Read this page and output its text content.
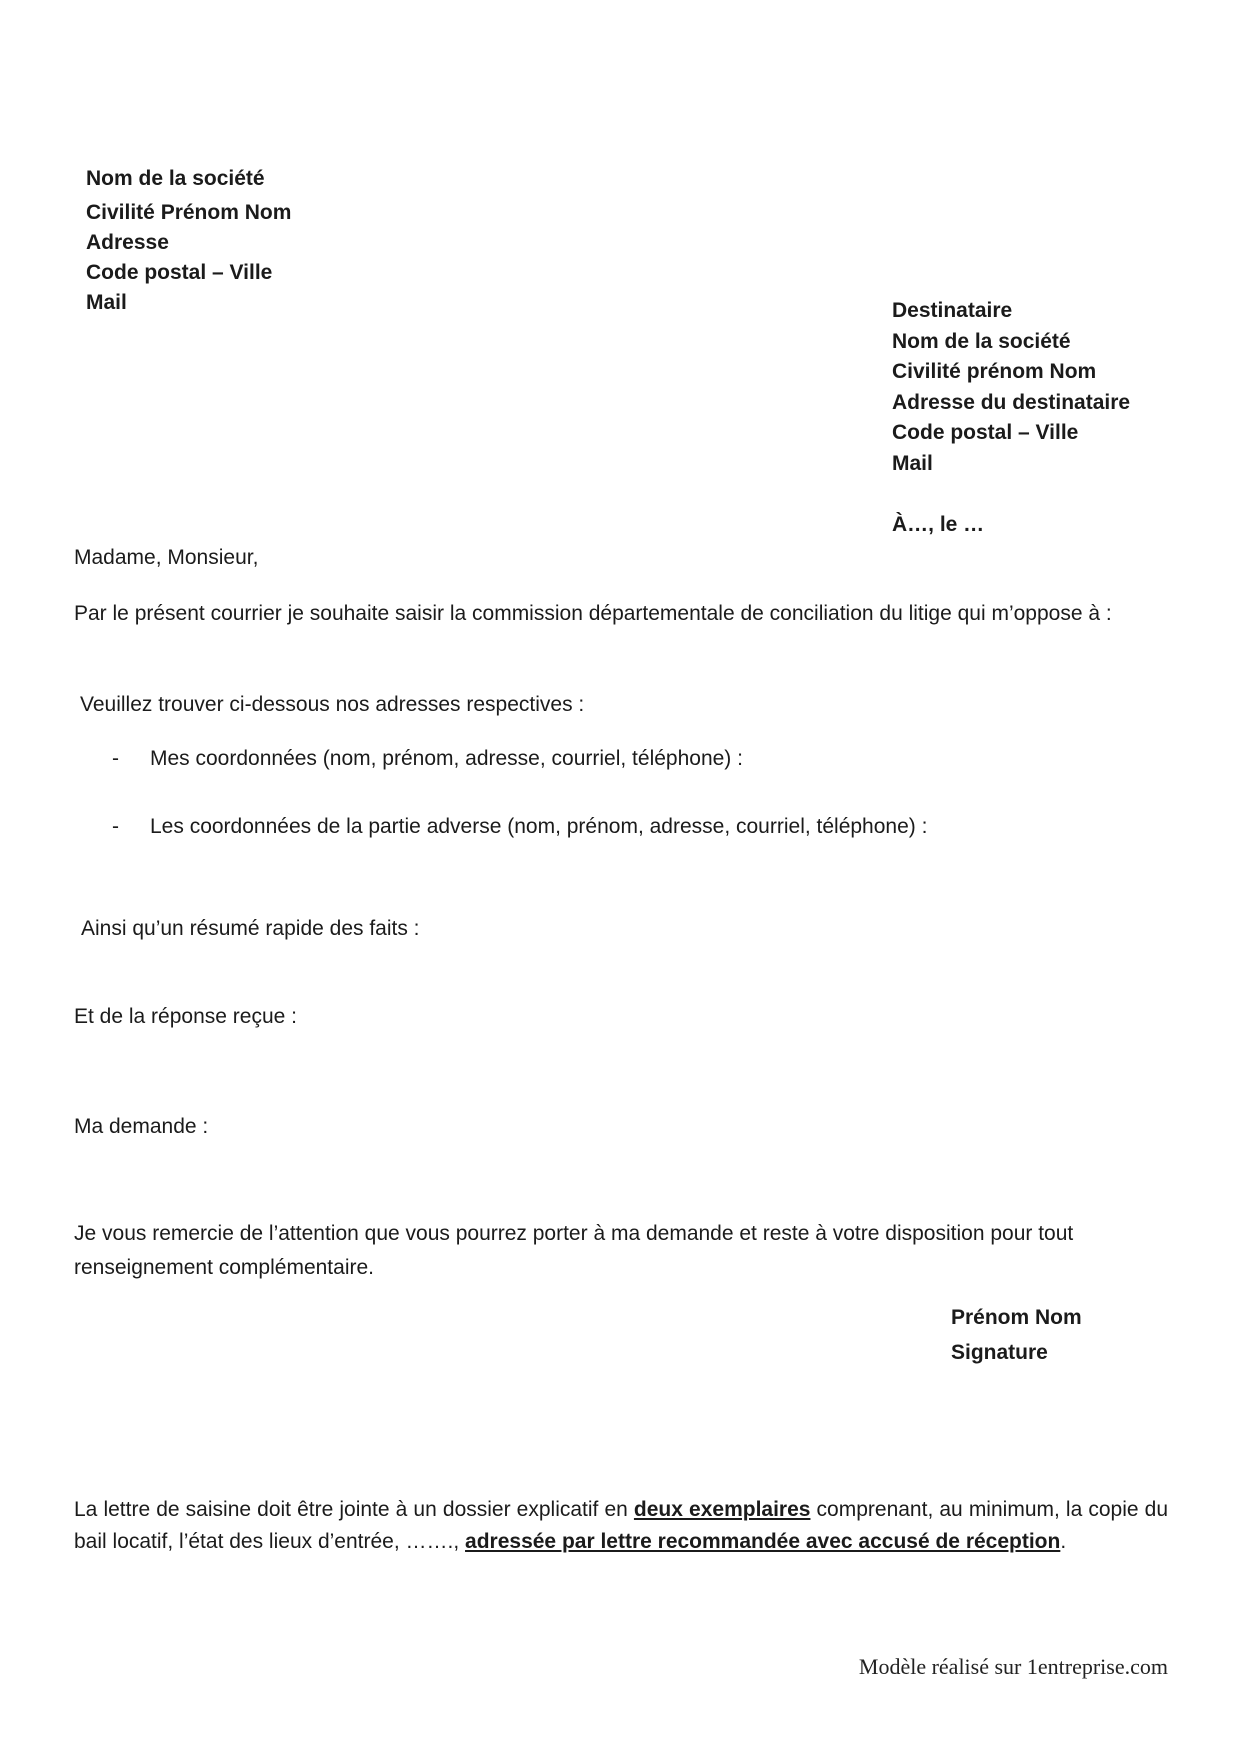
Nom de la société
Civilité Prénom Nom
Adresse
Code postal – Ville
Mail	Destinataire
Nom de la société
Civilité prénom Nom
Adresse du destinataire
Code postal – Ville
Mail
À…, le …
Madame, Monsieur,
Par le présent courrier je souhaite saisir la commission départementale de conciliation du litige qui m’oppose à :
Veuillez trouver ci-dessous nos adresses respectives :
- Mes coordonnées (nom, prénom, adresse, courriel, téléphone) :
- Les coordonnées de la partie adverse (nom, prénom, adresse, courriel, téléphone) :
Ainsi qu’un résumé rapide des faits :
Et de la réponse reçue :
Ma demande :
Je vous remercie de l’attention que vous pourrez porter à ma demande et reste à votre disposition pour tout renseignement complémentaire.
Prénom Nom
Signature
La lettre de saisine doit être jointe à un dossier explicatif en deux exemplaires comprenant, au minimum, la copie du bail locatif, l’état des lieux d’entrée, ……., adressée par lettre recommandée avec accusé de réception.
Modèle réalisé sur 1entreprise.com
